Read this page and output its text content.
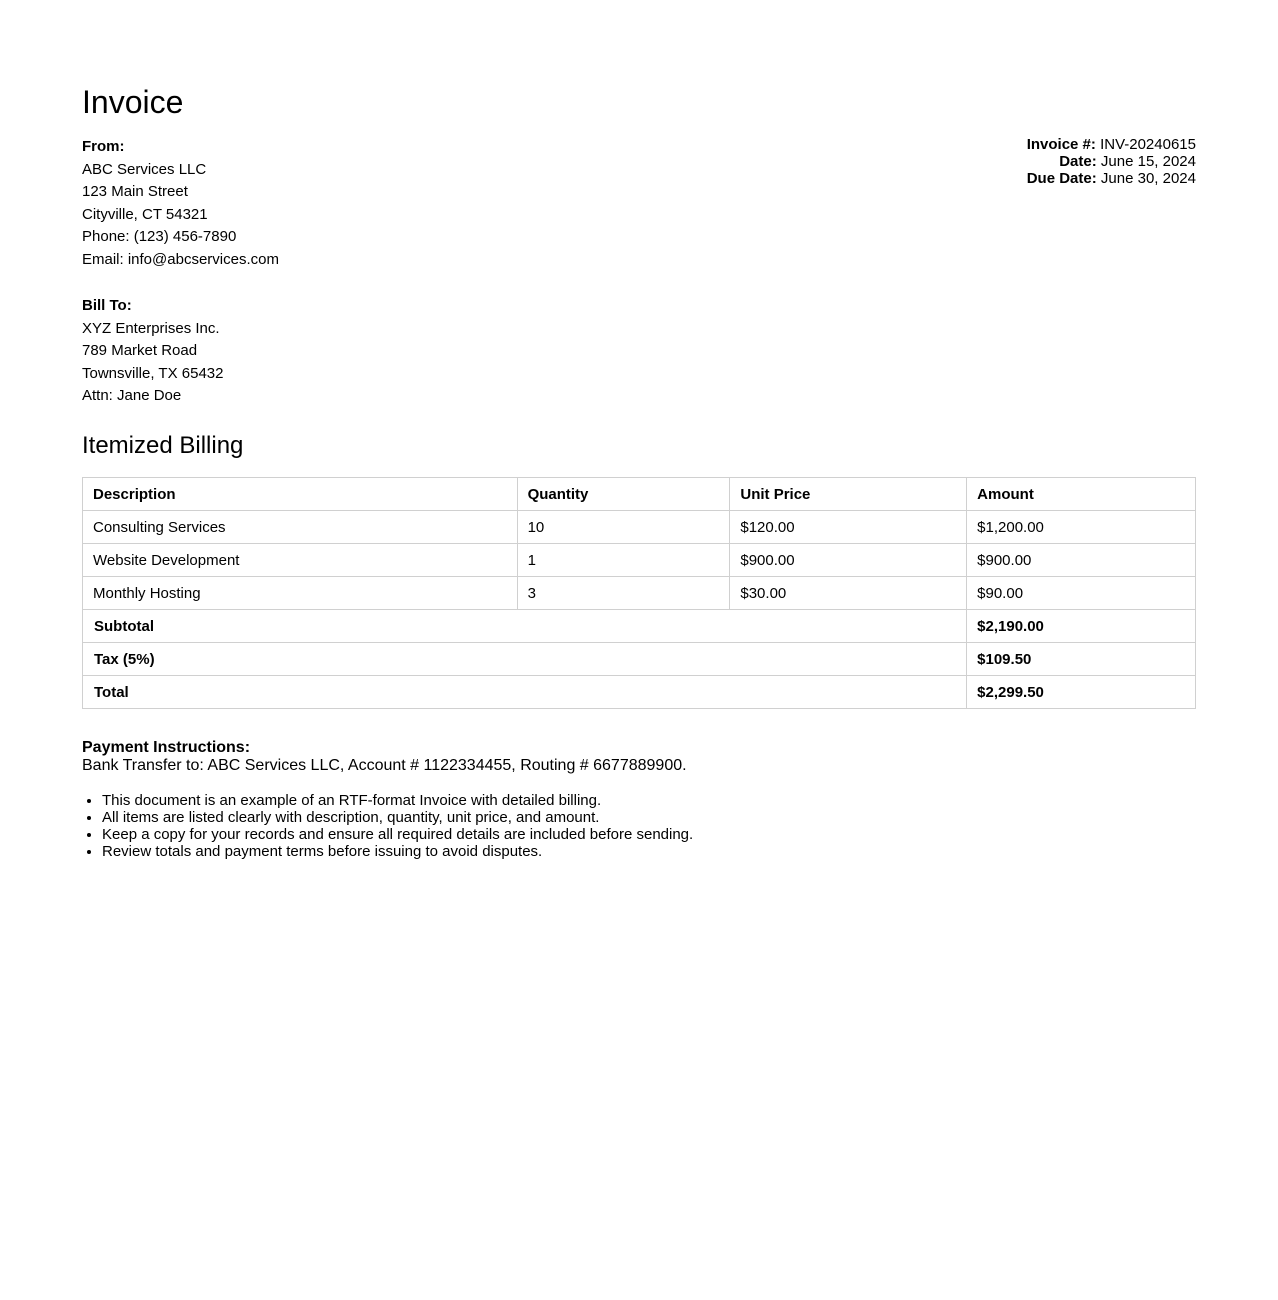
Invoice
From:
ABC Services LLC
123 Main Street
Cityville, CT 54321
Phone: (123) 456-7890
Email: info@abcservices.com
Invoice #: INV-20240615
Date: June 15, 2024
Due Date: June 30, 2024
Bill To:
XYZ Enterprises Inc.
789 Market Road
Townsville, TX 65432
Attn: Jane Doe
Itemized Billing
Description	Quantity	Unit Price	Amount
Consulting Services	10	$120.00	$1,200.00
Website Development	1	$900.00	$900.00
Monthly Hosting	3	$30.00	$90.00
Subtotal			$2,190.00
Tax (5%)			$109.50
Total			$2,299.50
Payment Instructions:
Bank Transfer to: ABC Services LLC, Account # 1122334455, Routing # 6677889900.
• This document is an example of an RTF-format Invoice with detailed billing.
• All items are listed clearly with description, quantity, unit price, and amount.
• Keep a copy for your records and ensure all required details are included before sending.
• Review totals and payment terms before issuing to avoid disputes.
